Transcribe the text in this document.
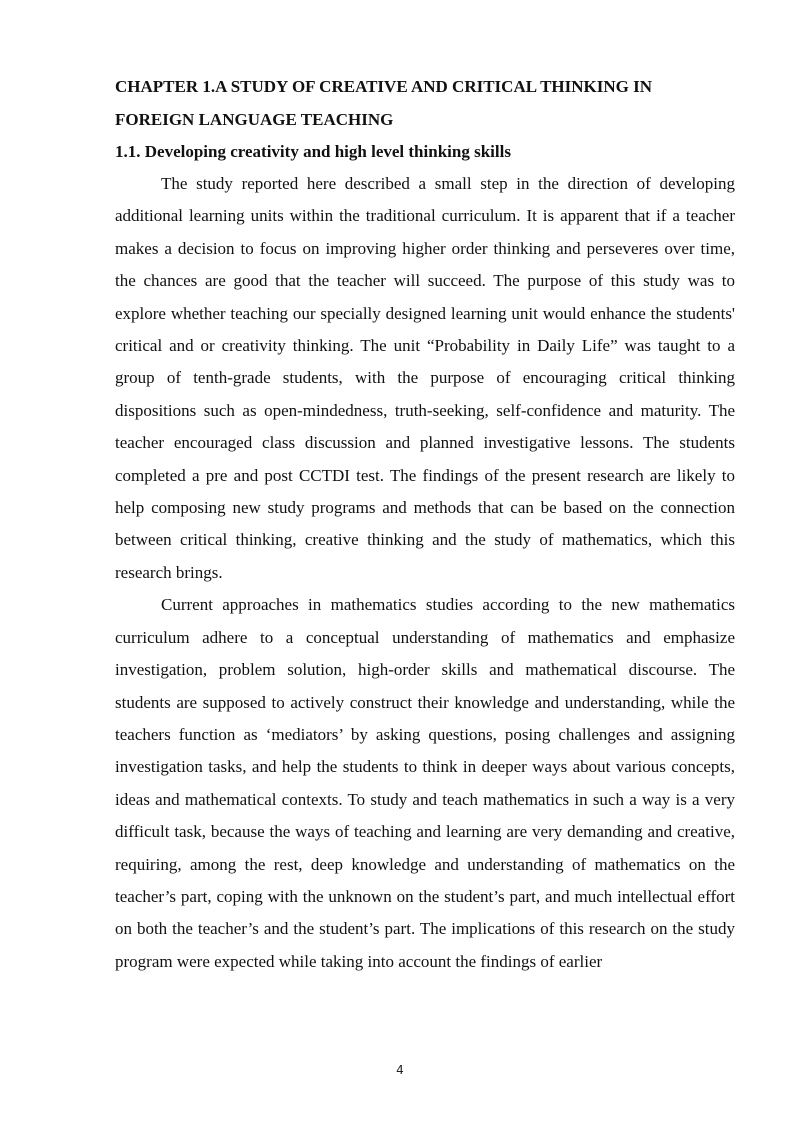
CHAPTER 1.A STUDY OF CREATIVE AND CRITICAL THINKING IN FOREIGN LANGUAGE TEACHING
1.1. Developing creativity and high level thinking skills

The study reported here described a small step in the direction of developing additional learning units within the traditional curriculum. It is apparent that if a teacher makes a decision to focus on improving higher order thinking and perseveres over time, the chances are good that the teacher will succeed. The purpose of this study was to explore whether teaching our specially designed learning unit would enhance the students' critical and or creativity thinking. The unit “Probability in Daily Life” was taught to a group of tenth-grade students, with the purpose of encouraging critical thinking dispositions such as open-mindedness, truth-seeking, self-confidence and maturity. The teacher encouraged class discussion and planned investigative lessons. The students completed a pre and post CCTDI test. The findings of the present research are likely to help composing new study programs and methods that can be based on the connection between critical thinking, creative thinking and the study of mathematics, which this research brings.

Current approaches in mathematics studies according to the new mathematics curriculum adhere to a conceptual understanding of mathematics and emphasize investigation, problem solution, high-order skills and mathematical discourse. The students are supposed to actively construct their knowledge and understanding, while the teachers function as ‘mediators’ by asking questions, posing challenges and assigning investigation tasks, and help the students to think in deeper ways about various concepts, ideas and mathematical contexts. To study and teach mathematics in such a way is a very difficult task, because the ways of teaching and learning are very demanding and creative, requiring, among the rest, deep knowledge and understanding of mathematics on the teacher’s part, coping with the unknown on the student’s part, and much intellectual effort on both the teacher’s and the student’s part. The implications of this research on the study program were expected while taking into account the findings of earlier

4
